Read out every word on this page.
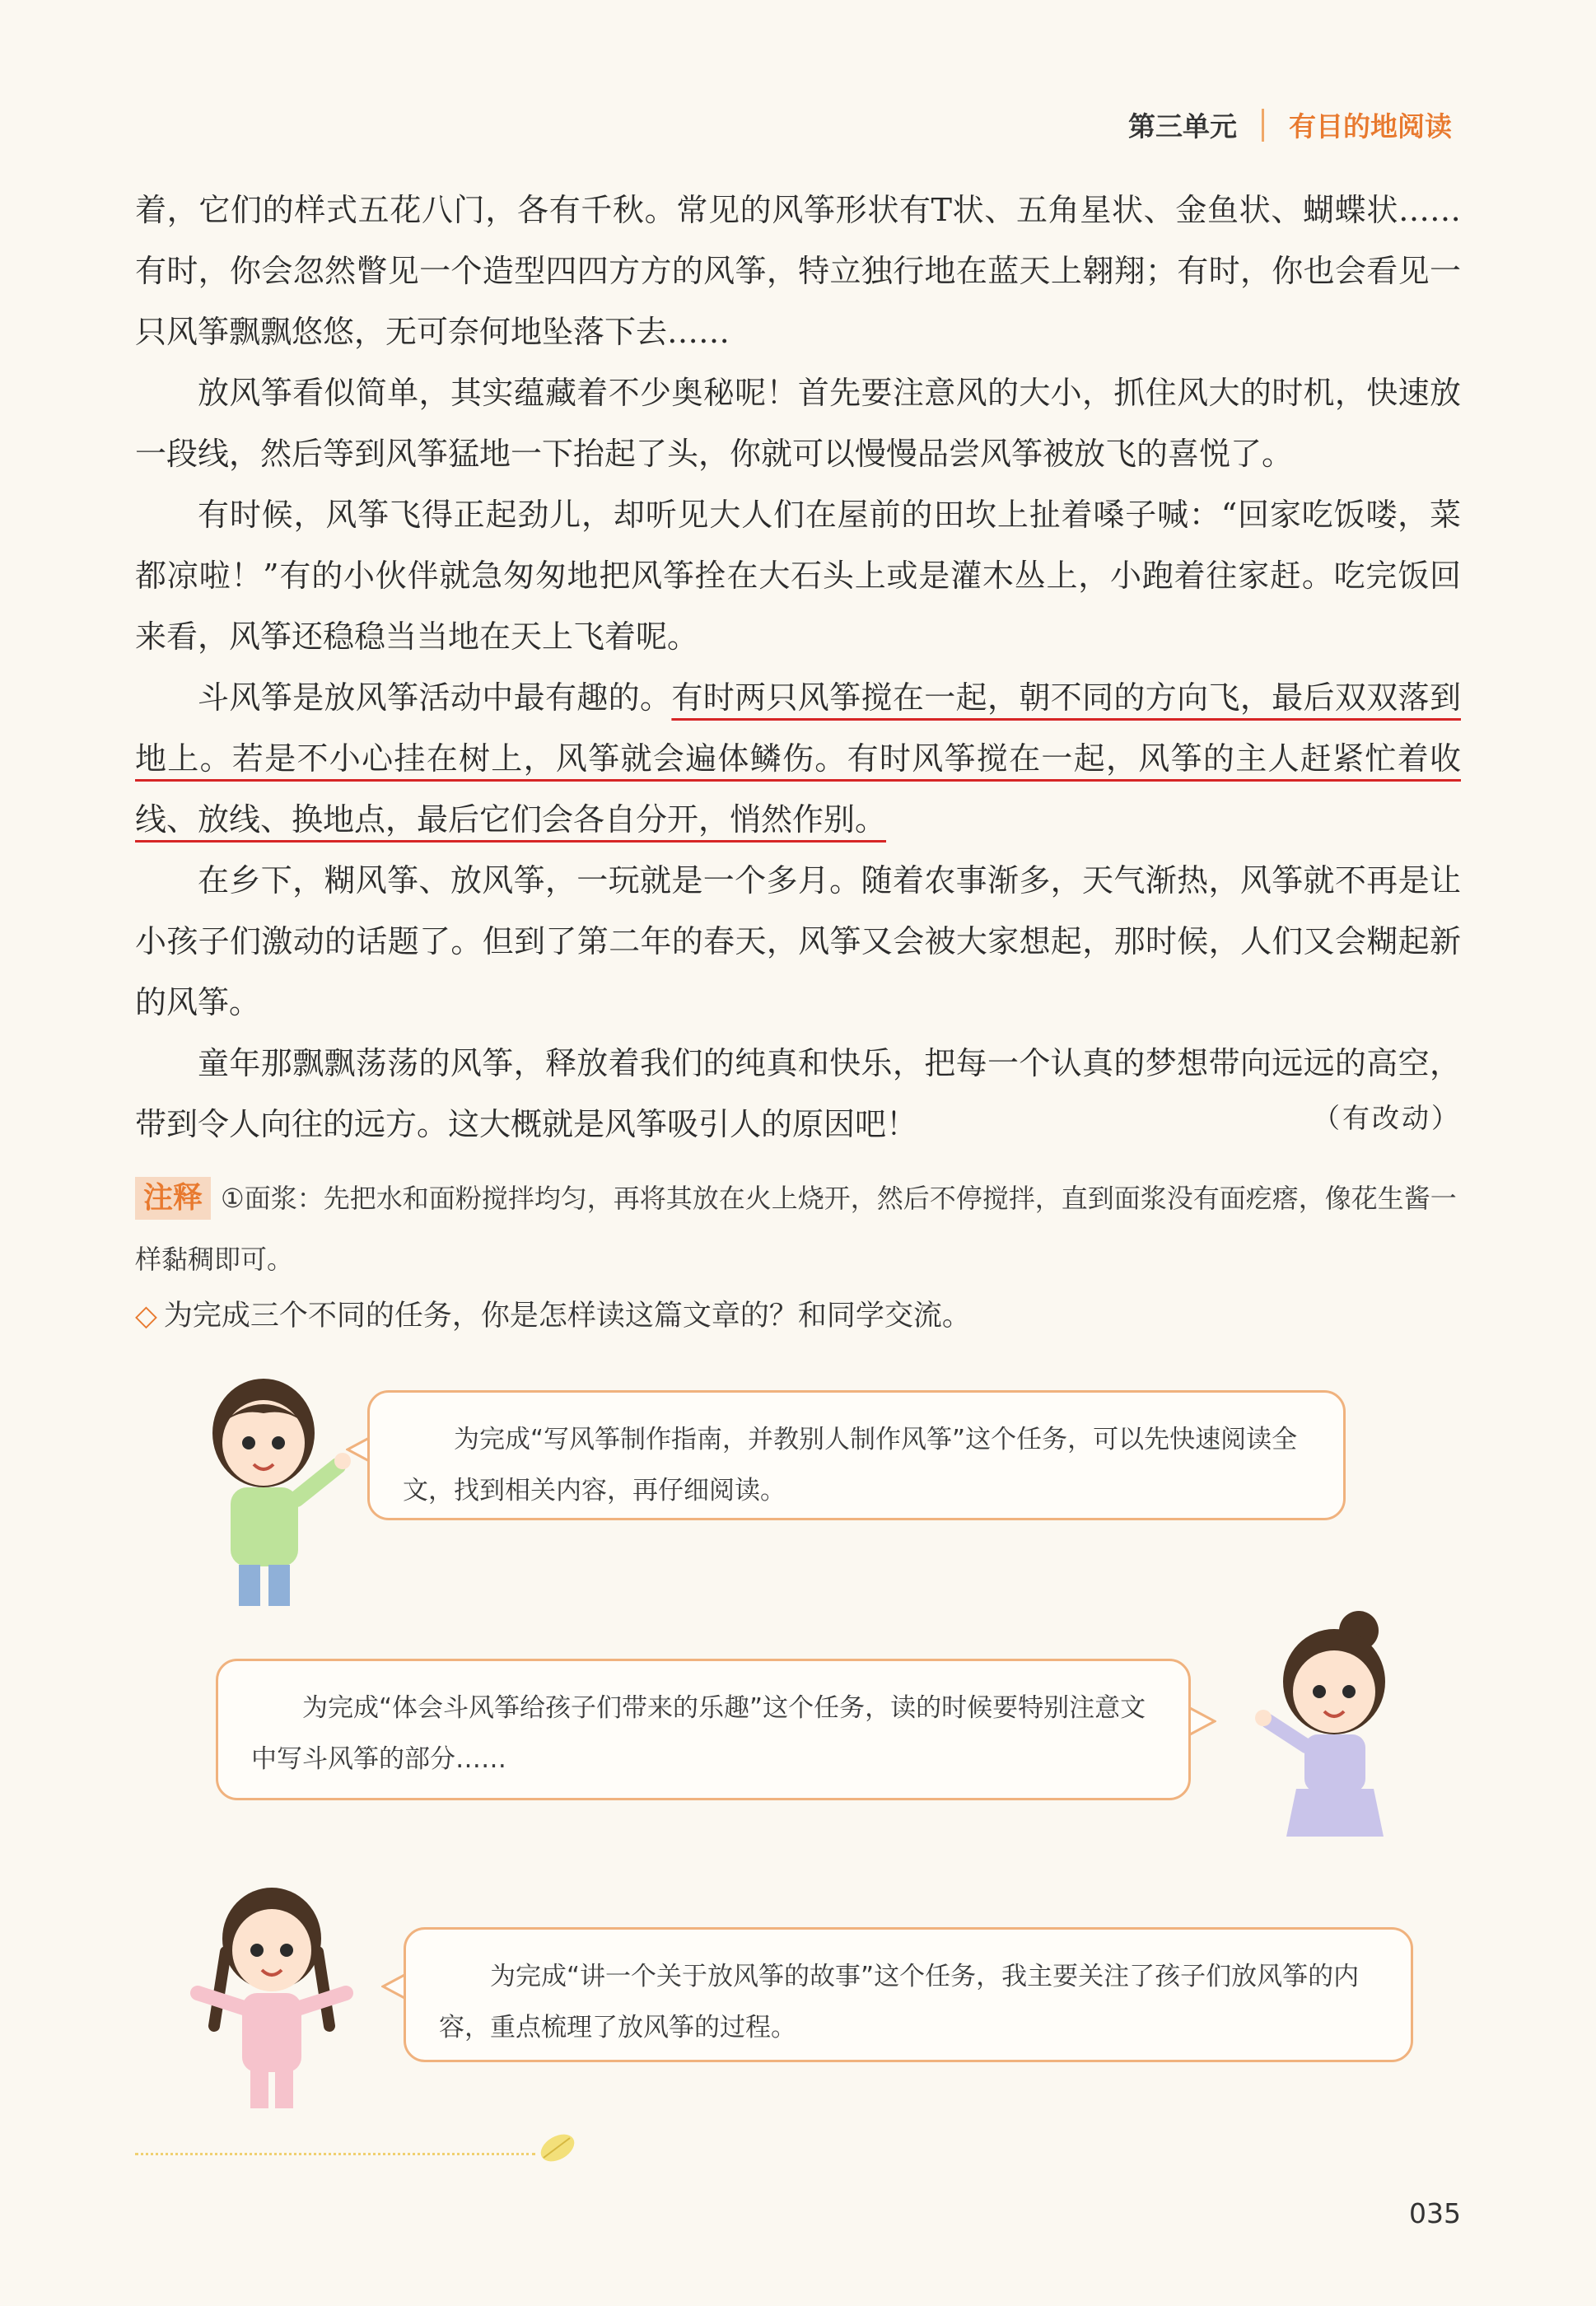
第三单元 有目的地阅读

着，它们的样式五花八门，各有千秋。常见的风筝形状有T状、五角星状、金鱼状、蝴蝶状……有时，你会忽然瞥见一个造型四四方方的风筝，特立独行地在蓝天上翱翔；有时，你也会看见一只风筝飘飘悠悠，无可奈何地坠落下去……

放风筝看似简单，其实蕴藏着不少奥秘呢！首先要注意风的大小，抓住风大的时机，快速放一段线，然后等到风筝猛地一下抬起了头，你就可以慢慢品尝风筝被放飞的喜悦了。

有时候，风筝飞得正起劲儿，却听见大人们在屋前的田坎上扯着嗓子喊：“回家吃饭喽，菜都凉啦！”有的小伙伴就急匆匆地把风筝拴在大石头上或是灌木丛上，小跑着往家赶。吃完饭回来看，风筝还稳稳当当地在天上飞着呢。

斗风筝是放风筝活动中最有趣的。有时两只风筝搅在一起，朝不同的方向飞，最后双双落到地上。若是不小心挂在树上，风筝就会遍体鳞伤。有时风筝搅在一起，风筝的主人赶紧忙着收线、放线、换地点，最后它们会各自分开，悄然作别。

在乡下，糊风筝、放风筝，一玩就是一个多月。随着农事渐多，天气渐热，风筝就不再是让小孩子们激动的话题了。但到了第二年的春天，风筝又会被大家想起，那时候，人们又会糊起新的风筝。

童年那飘飘荡荡的风筝，释放着我们的纯真和快乐，把每一个认真的梦想带向远远的高空，带到令人向往的远方。这大概就是风筝吸引人的原因吧！	（有改动）
注释 ①面浆：先把水和面粉搅拌均匀，再将其放在火上烧开，然后不停搅拌，直到面浆没有面疙瘩，像花生酱一样黏稠即可。
◇ 为完成三个不同的任务，你是怎样读这篇文章的？和同学交流。
为完成“写风筝制作指南，并教别人制作风筝”这个任务，可以先快速阅读全文，找到相关内容，再仔细阅读。
为完成“体会斗风筝给孩子们带来的乐趣”这个任务，读的时候要特别注意文中写斗风筝的部分……
为完成“讲一个关于放风筝的故事”这个任务，我主要关注了孩子们放风筝的内容，重点梳理了放风筝的过程。
035
